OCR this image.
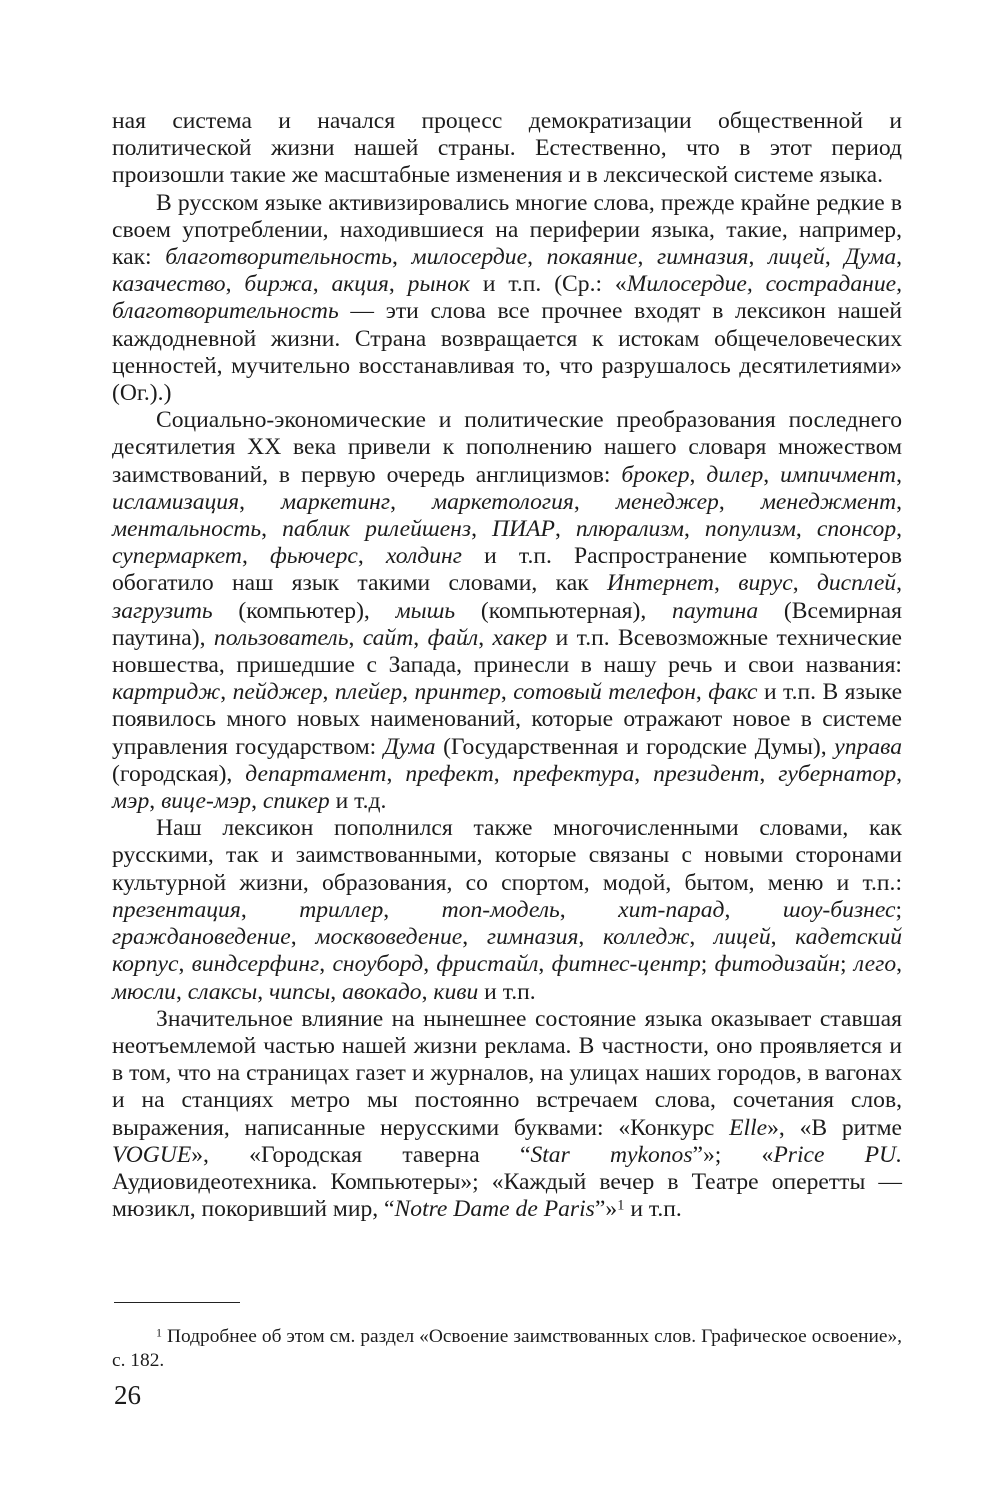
ная система и начался процесс демократизации общественной и политической жизни нашей страны. Естественно, что в этот период произошли такие же масштабные изменения и в лексической системе языка.

В русском языке активизировались многие слова, прежде крайне редкие в своем употреблении, находившиеся на периферии языка, такие, например, как: благотворительность, милосердие, покаяние, гимназия, лицей, Дума, казачество, биржа, акция, рынок и т.п. (Ср.: «Милосердие, сострадание, благотворительность — эти слова все прочнее входят в лексикон нашей каждодневной жизни. Страна возвращается к истокам общечеловеческих ценностей, мучительно восстанавливая то, что разрушалось десятилетиями» (Ог.).)

Социально-экономические и политические преобразования последнего десятилетия XX века привели к пополнению нашего словаря множеством заимствований, в первую очередь англицизмов: брокер, дилер, импичмент, исламизация, маркетинг, маркетология, менеджер, менеджмент, ментальность, паблик рилейшенз, ПИАР, плюрализм, популизм, спонсор, супермаркет, фьючерс, холдинг и т.п. Распространение компьютеров обогатило наш язык такими словами, как Интернет, вирус, дисплей, загрузить (компьютер), мышь (компьютерная), паутина (Всемирная паутина), пользователь, сайт, файл, хакер и т.п. Всевозможные технические новшества, пришедшие с Запада, принесли в нашу речь и свои названия: картридж, пейджер, плейер, принтер, сотовый телефон, факс и т.п. В языке появилось много новых наименований, которые отражают новое в системе управления государством: Дума (Государственная и городские Думы), управа (городская), департамент, префект, префектура, президент, губернатор, мэр, вице-мэр, спикер и т.д.

Наш лексикон пополнился также многочисленными словами, как русскими, так и заимствованными, которые связаны с новыми сторонами культурной жизни, образования, со спортом, модой, бытом, меню и т.п.: презентация, триллер, топ-модель, хит-парад, шоу-бизнес; граждановедение, москвоведение, гимназия, колледж, лицей, кадетский корпус, виндсерфинг, сноуборд, фристайл, фитнес-центр; фитодизайн; лего, мюсли, слаксы, чипсы, авокадо, киви и т.п.

Значительное влияние на нынешнее состояние языка оказывает ставшая неотъемлемой частью нашей жизни реклама. В частности, оно проявляется и в том, что на страницах газет и журналов, на улицах наших городов, в вагонах и на станциях метро мы постоянно встречаем слова, сочетания слов, выражения, написанные нерусскими буквами: «Конкурс Elle», «В ритме VOGUE», «Городская таверна “Star mykonos”»; «Price PU. Аудиовидеотехника. Компьютеры»; «Каждый вечер в Театре оперетты — мюзикл, покоривший мир, “Notre Dame de Paris”»$^1$ и т.п.

$^1$ Подробнее об этом см. раздел «Освоение заимствованных слов. Графическое освоение», с. 182.
26
